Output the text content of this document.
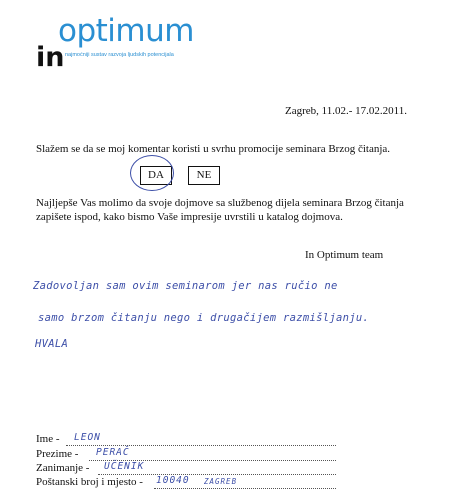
optimum
in najmoćniji sustav razvoja ljudskih potencijala
Zagreb, 11.02.- 17.02.2011.
Slažem se da se moj komentar koristi u svrhu promocije seminara Brzog čitanja.
DA	NE
Najljepše Vas molimo da svoje dojmove sa službenog dijela seminara Brzog čitanja zapišete ispod, kako bismo Vaše impresije uvrstili u katalog dojmova.
In Optimum team
Zadovoljan sam ovim seminarom jer nas ručio ne
samo brzom čitanju nego i drugačijem razmišljanju.
HVALA
Ime - LEON
Prezime - PERAČ
Zanimanje - UČENIK
Poštanski broj i mjesto - 10040 ZAGREB
